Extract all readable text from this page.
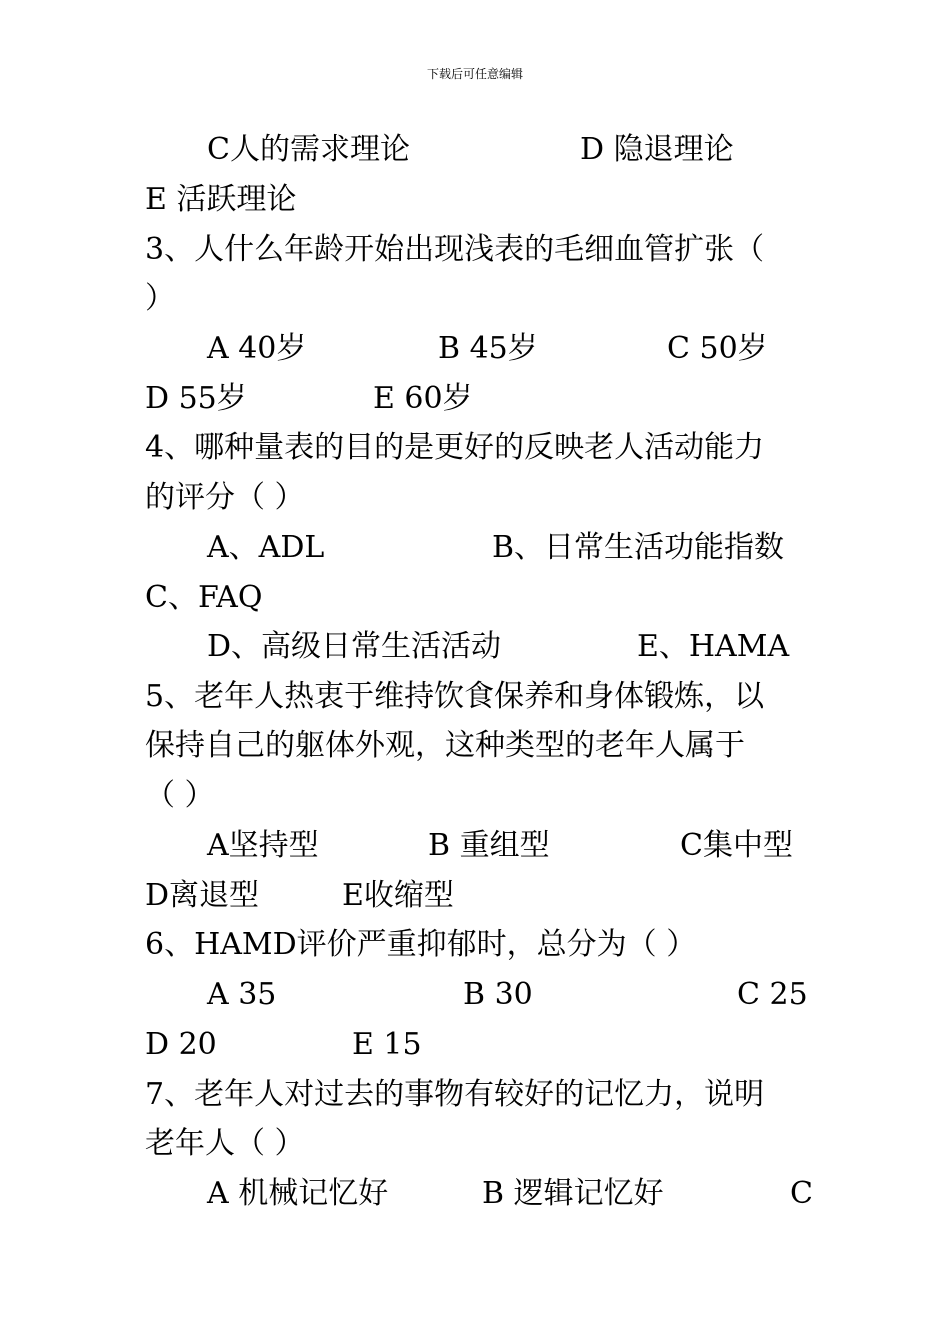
下载后可任意编辑
C人的需求理论	D 隐退理论
E 活跃理论
3、人什么年龄开始出现浅表的毛细血管扩张（
）
A 40岁	B 45岁	C 50岁
D 55岁	E 60岁
4、哪种量表的目的是更好的反映老人活动能力
的评分（ ）
A、ADL	B、日常生活功能指数
C、FAQ
D、高级日常生活活动	E、HAMA
5、老年人热衷于维持饮食保养和身体锻炼，以
保持自己的躯体外观，这种类型的老年人属于
（ ）
A坚持型	B 重组型	C集中型
D离退型	E收缩型
6、HAMD评价严重抑郁时，总分为（ ）
A 35	B 30	C 25
D 20	E 15
7、老年人对过去的事物有较好的记忆力，说明
老年人（ ）
A 机械记忆好	B 逻辑记忆好	C
